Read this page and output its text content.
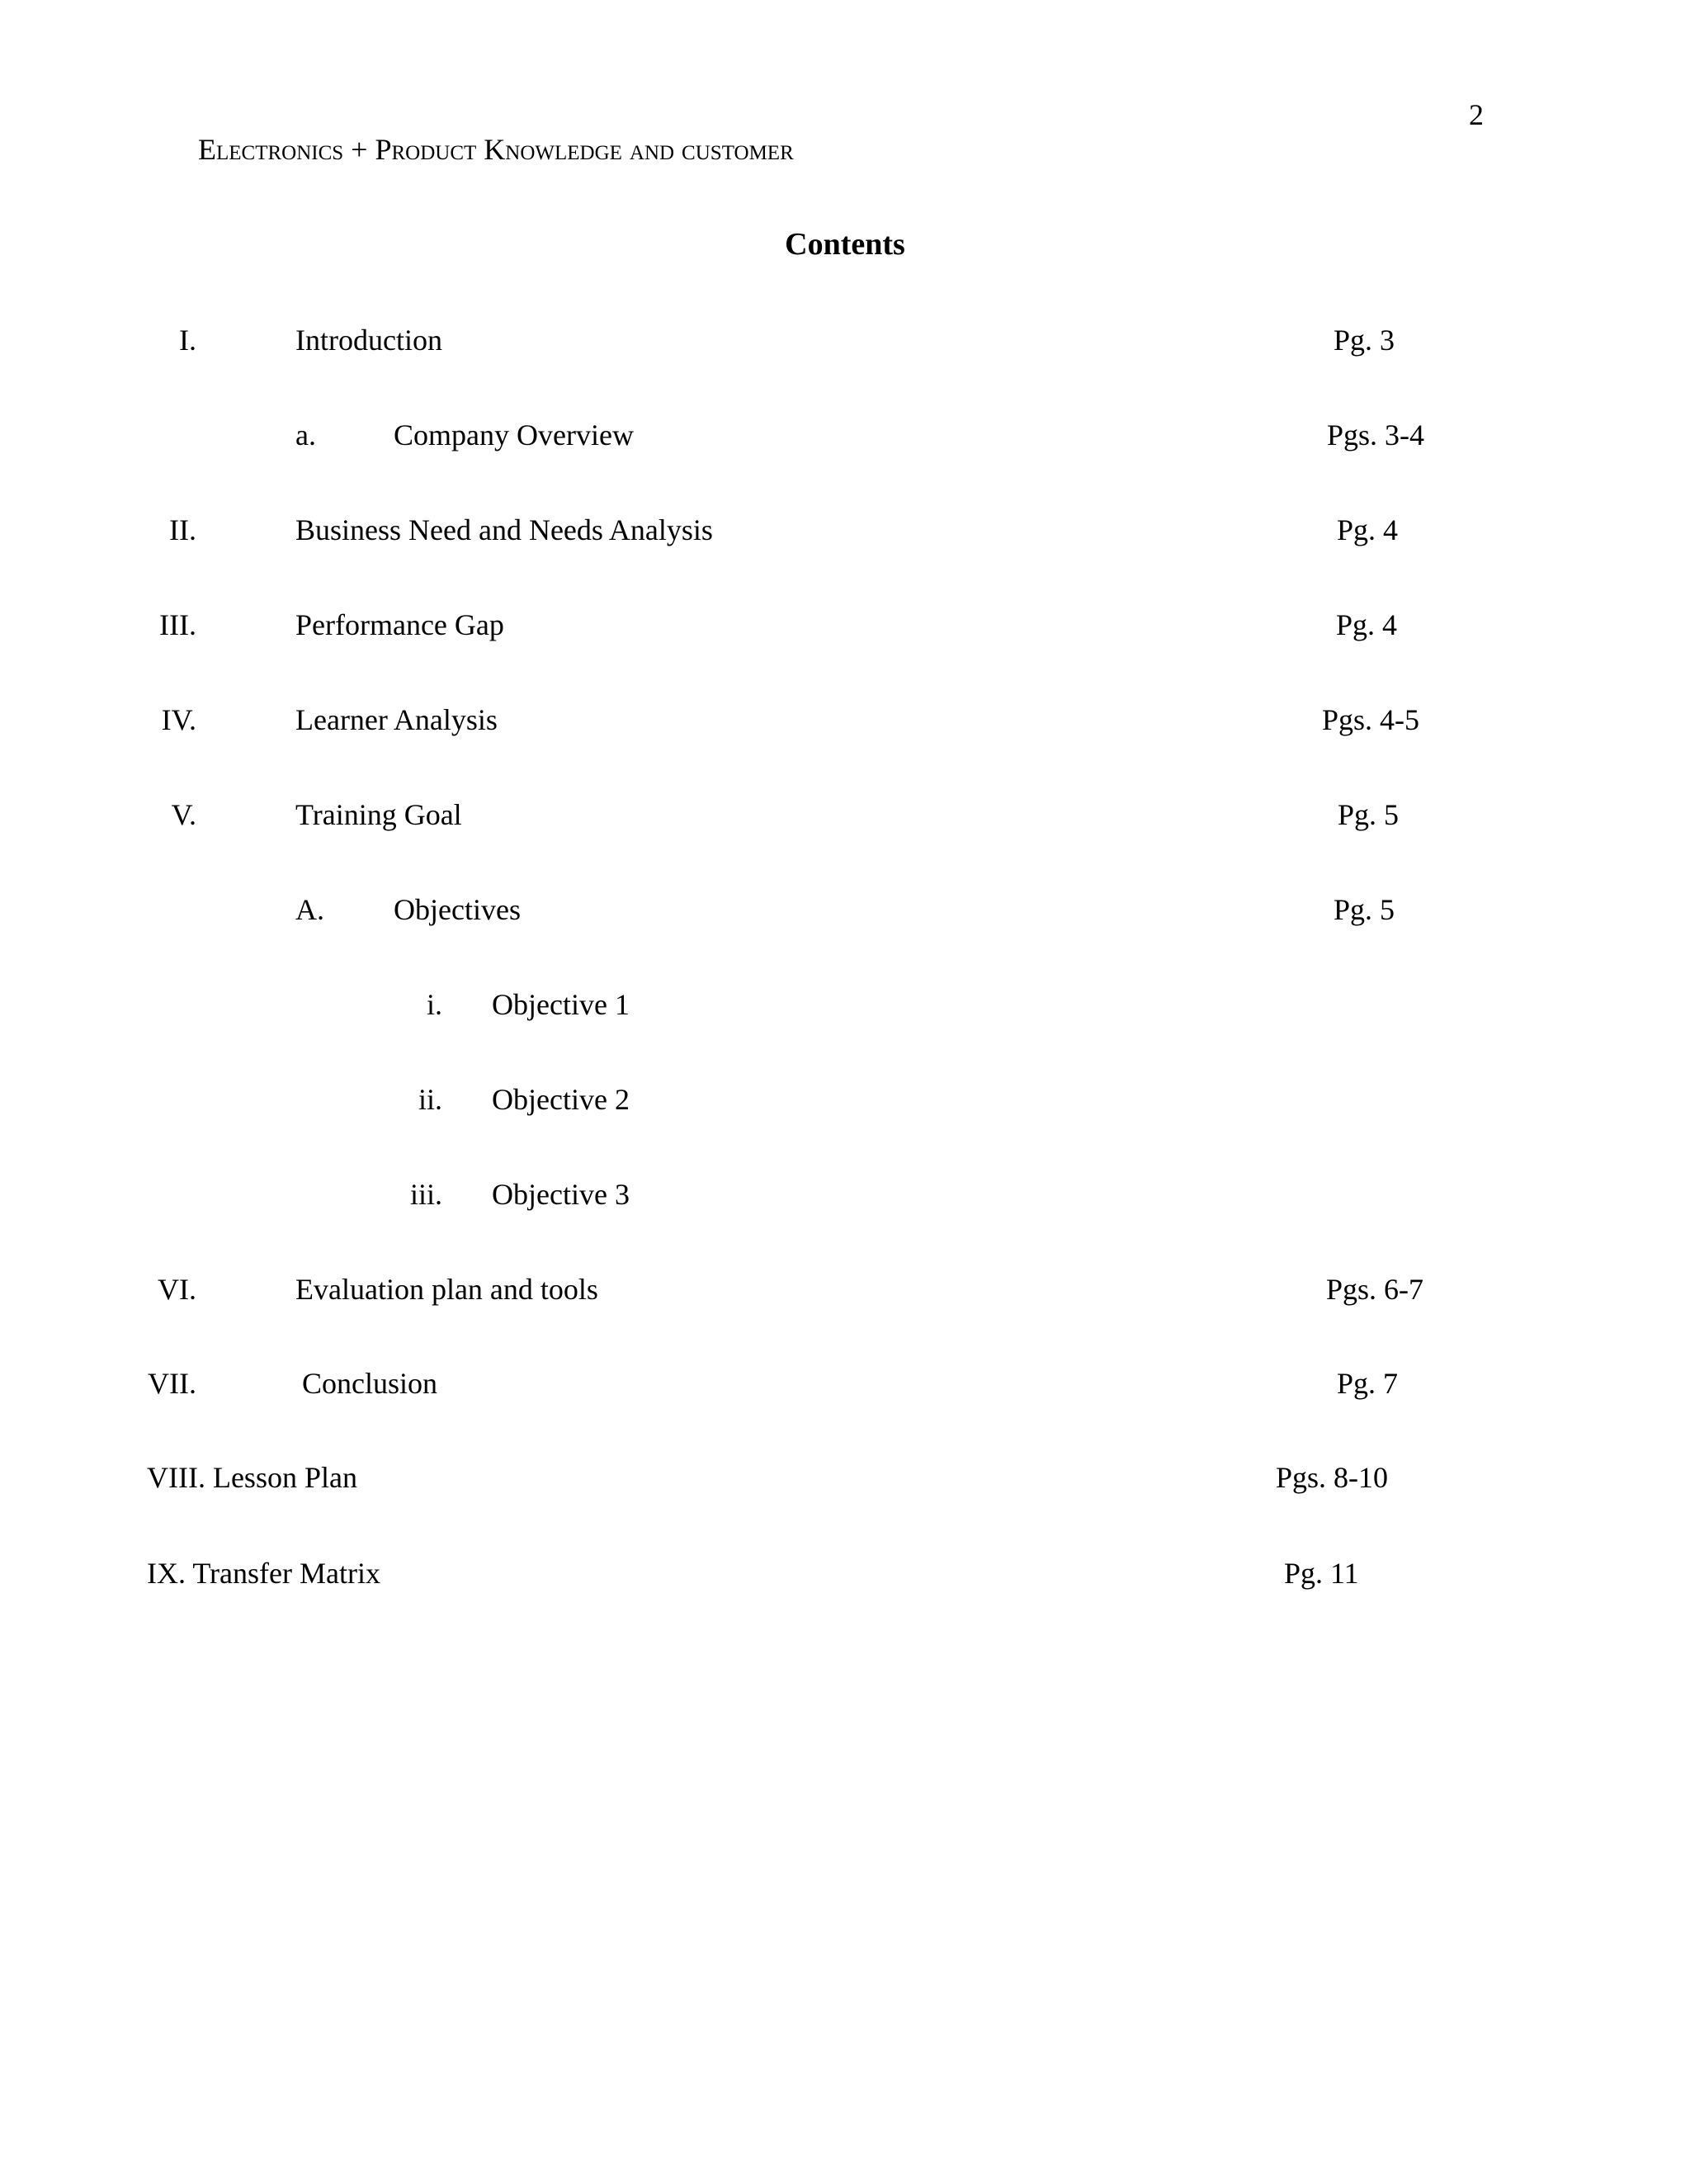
2
Electronics + Product Knowledge and customer
Contents
I.	Introduction	Pg. 3
a.	Company Overview	Pgs. 3-4
II.	Business Need and Needs Analysis	Pg. 4
III.	Performance Gap	Pg. 4
IV.	Learner Analysis	Pgs. 4-5
V.	Training Goal	Pg. 5
A. Objectives	Pg. 5
i. Objective 1
ii. Objective 2
iii. Objective 3
VI.	Evaluation plan and tools	Pgs. 6-7
VII.	Conclusion	Pg. 7
VIII. Lesson Plan	Pgs. 8-10
IX. Transfer Matrix	Pg. 11
